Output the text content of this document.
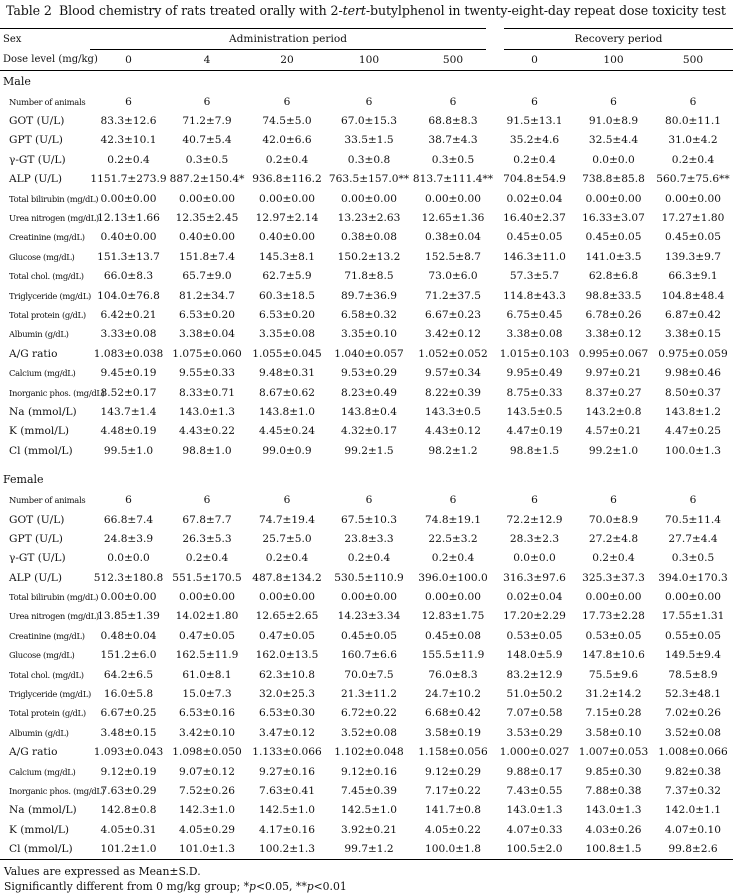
Table 2 Blood chemistry of rats treated orally with 2-tert-butylphenol in twenty-eight-day repeat dose toxicity test
Sex	Administration period					Recovery period		
Dose level (mg/kg)	0	4	20	100	500	0	100	500
Male								
Number of animals	6	6	6	6	6	6	6	6
GOT (U/L)	83.3±12.6	71.2±7.9	74.5±5.0	67.0±15.3	68.8±8.3	91.5±13.1	91.0±8.9	80.0±11.1
GPT (U/L)	42.3±10.1	40.7±5.4	42.0±6.6	33.5±1.5	38.7±4.3	35.2±4.6	32.5±4.4	31.0±4.2
γ-GT (U/L)	0.2±0.4	0.3±0.5	0.2±0.4	0.3±0.8	0.3±0.5	0.2±0.4	0.0±0.0	0.2±0.4
ALP (U/L)	1151.7±273.9	887.2±150.4*	936.8±116.2	763.5±157.0**	813.7±111.4**	704.8±54.9	738.8±85.8	560.7±75.6**
Total bilirubin (mg/dL)	0.00±0.00	0.00±0.00	0.00±0.00	0.00±0.00	0.00±0.00	0.02±0.04	0.00±0.00	0.00±0.00
Urea nitrogen (mg/dL)	12.13±1.66	12.35±2.45	12.97±2.14	13.23±2.63	12.65±1.36	16.40±2.37	16.33±3.07	17.27±1.80
Creatinine (mg/dL)	0.40±0.00	0.40±0.00	0.40±0.00	0.38±0.08	0.38±0.04	0.45±0.05	0.45±0.05	0.45±0.05
Glucose (mg/dL)	151.3±13.7	151.8±7.4	145.3±8.1	150.2±13.2	152.5±8.7	146.3±11.0	141.0±3.5	139.3±9.7
Total chol. (mg/dL)	66.0±8.3	65.7±9.0	62.7±5.9	71.8±8.5	73.0±6.0	57.3±5.7	62.8±6.8	66.3±9.1
Triglyceride (mg/dL)	104.0±76.8	81.2±34.7	60.3±18.5	89.7±36.9	71.2±37.5	114.8±43.3	98.8±33.5	104.8±48.4
Total protein (g/dL)	6.42±0.21	6.53±0.20	6.53±0.20	6.58±0.32	6.67±0.23	6.75±0.45	6.78±0.26	6.87±0.42
Albumin (g/dL)	3.33±0.08	3.38±0.04	3.35±0.08	3.35±0.10	3.42±0.12	3.38±0.08	3.38±0.12	3.38±0.15
A/G ratio	1.083±0.038	1.075±0.060	1.055±0.045	1.040±0.057	1.052±0.052	1.015±0.103	0.995±0.067	0.975±0.059
Calcium (mg/dL)	9.45±0.19	9.55±0.33	9.48±0.31	9.53±0.29	9.57±0.34	9.95±0.49	9.97±0.21	9.98±0.46
Inorganic phos. (mg/dL)	8.52±0.17	8.33±0.71	8.67±0.62	8.23±0.49	8.22±0.39	8.75±0.33	8.37±0.27	8.50±0.37
Na (mmol/L)	143.7±1.4	143.0±1.3	143.8±1.0	143.8±0.4	143.3±0.5	143.5±0.5	143.2±0.8	143.8±1.2
K (mmol/L)	4.48±0.19	4.43±0.22	4.45±0.24	4.32±0.17	4.43±0.12	4.47±0.19	4.57±0.21	4.47±0.25
Cl (mmol/L)	99.5±1.0	98.8±1.0	99.0±0.9	99.2±1.5	98.2±1.2	98.8±1.5	99.2±1.0	100.0±1.3

Female								
Number of animals	6	6	6	6	6	6	6	6
GOT (U/L)	66.8±7.4	67.8±7.7	74.7±19.4	67.5±10.3	74.8±19.1	72.2±12.9	70.0±8.9	70.5±11.4
GPT (U/L)	24.8±3.9	26.3±5.3	25.7±5.0	23.8±3.3	22.5±3.2	28.3±2.3	27.2±4.8	27.7±4.4
γ-GT (U/L)	0.0±0.0	0.2±0.4	0.2±0.4	0.2±0.4	0.2±0.4	0.0±0.0	0.2±0.4	0.3±0.5
ALP (U/L)	512.3±180.8	551.5±170.5	487.8±134.2	530.5±110.9	396.0±100.0	316.3±97.6	325.3±37.3	394.0±170.3
Total bilirubin (mg/dL)	0.00±0.00	0.00±0.00	0.00±0.00	0.00±0.00	0.00±0.00	0.02±0.04	0.00±0.00	0.00±0.00
Urea nitrogen (mg/dL)	13.85±1.39	14.02±1.80	12.65±2.65	14.23±3.34	12.83±1.75	17.20±2.29	17.73±2.28	17.55±1.31
Creatinine (mg/dL)	0.48±0.04	0.47±0.05	0.47±0.05	0.45±0.05	0.45±0.08	0.53±0.05	0.53±0.05	0.55±0.05
Glucose (mg/dL)	151.2±6.0	162.5±11.9	162.0±13.5	160.7±6.6	155.5±11.9	148.0±5.9	147.8±10.6	149.5±9.4
Total chol. (mg/dL)	64.2±6.5	61.0±8.1	62.3±10.8	70.0±7.5	76.0±8.3	83.2±12.9	75.5±9.6	78.5±8.9
Triglyceride (mg/dL)	16.0±5.8	15.0±7.3	32.0±25.3	21.3±11.2	24.7±10.2	51.0±50.2	31.2±14.2	52.3±48.1
Total protein (g/dL)	6.67±0.25	6.53±0.16	6.53±0.30	6.72±0.22	6.68±0.42	7.07±0.58	7.15±0.28	7.02±0.26
Albumin (g/dL)	3.48±0.15	3.42±0.10	3.47±0.12	3.52±0.08	3.58±0.19	3.53±0.29	3.58±0.10	3.52±0.08
A/G ratio	1.093±0.043	1.098±0.050	1.133±0.066	1.102±0.048	1.158±0.056	1.000±0.027	1.007±0.053	1.008±0.066
Calcium (mg/dL)	9.12±0.19	9.07±0.12	9.27±0.16	9.12±0.16	9.12±0.29	9.88±0.17	9.85±0.30	9.82±0.38
Inorganic phos. (mg/dL)	7.63±0.29	7.52±0.26	7.63±0.41	7.45±0.39	7.17±0.22	7.43±0.55	7.88±0.38	7.37±0.32
Na (mmol/L)	142.8±0.8	142.3±1.0	142.5±1.0	142.5±1.0	141.7±0.8	143.0±1.3	143.0±1.3	142.0±1.1
K (mmol/L)	4.05±0.31	4.05±0.29	4.17±0.16	3.92±0.21	4.05±0.22	4.07±0.33	4.03±0.26	4.07±0.10
Cl (mmol/L)	101.2±1.0	101.0±1.3	100.2±1.3	99.7±1.2	100.0±1.8	100.5±2.0	100.8±1.5	99.8±2.6
Values are expressed as Mean±S.D.
Significantly different from 0 mg/kg group; *p<0.05, **p<0.01
